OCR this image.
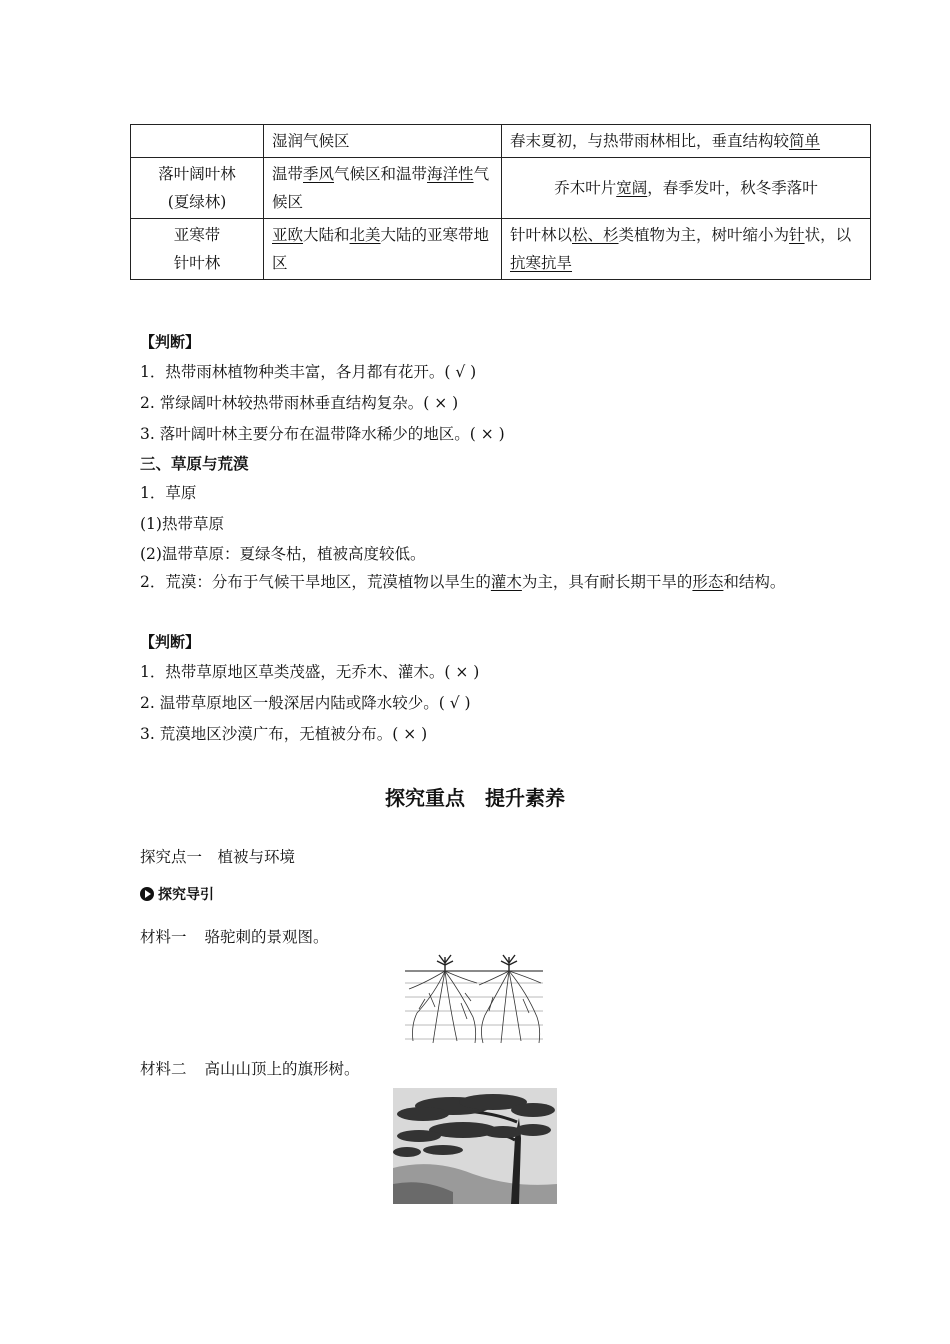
	湿润气候区	春末夏初，与热带雨林相比，垂直结构较简单
落叶阔叶林
(夏绿林)	温带季风气候区和温带海洋性气候区	乔木叶片宽阔，春季发叶，秋冬季落叶
亚寒带
针叶林	亚欧大陆和北美大陆的亚寒带地区	针叶林以松、杉类植物为主，树叶缩小为针状，以抗寒抗旱
【判断】
1．热带雨林植物种类丰富，各月都有花开。( √ )
2. 常绿阔叶林较热带雨林垂直结构复杂。( × )
3. 落叶阔叶林主要分布在温带降水稀少的地区。( × )
三、草原与荒漠
1．草原
(1)热带草原
(2)温带草原：夏绿冬枯，植被高度较低。
2．荒漠：分布于气候干旱地区，荒漠植物以旱生的灌木为主，具有耐长期干旱的形态和结构。
【判断】
1．热带草原地区草类茂盛，无乔木、灌木。( × )
2. 温带草原地区一般深居内陆或降水较少。( √ )
3. 荒漠地区沙漠广布，无植被分布。( × )
探究重点　提升素养
探究点一　植被与环境
探究导引
材料一 骆驼刺的景观图。
材料二 高山山顶上的旗形树。
